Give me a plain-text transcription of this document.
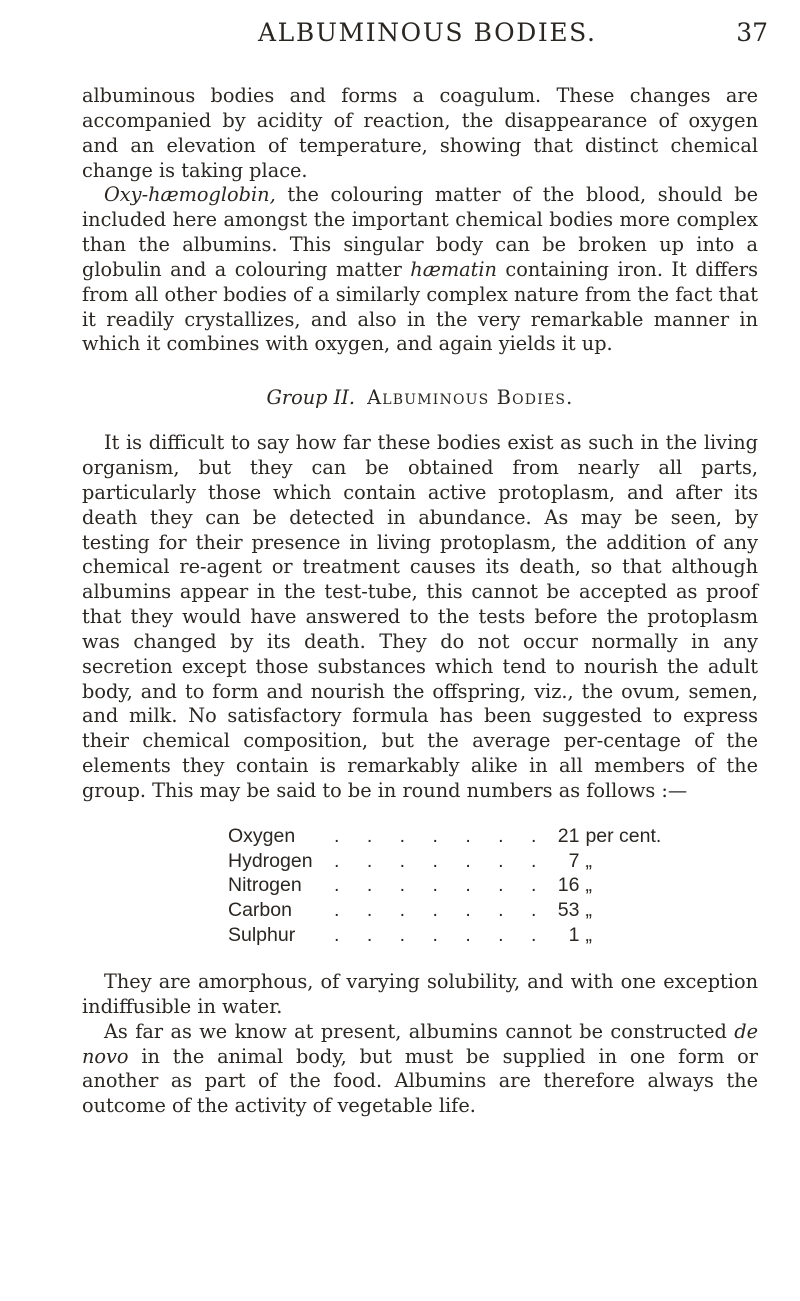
ALBUMINOUS BODIES.	37

albuminous bodies and forms a coagulum. These changes are accompanied by acidity of reaction, the disappearance of oxygen and an elevation of temperature, showing that distinct chemical change is taking place.

Oxy-hæmoglobin, the colouring matter of the blood, should be included here amongst the important chemical bodies more complex than the albumins. This singular body can be broken up into a globulin and a colouring matter hæmatin containing iron. It differs from all other bodies of a similarly complex nature from the fact that it readily crystallizes, and also in the very remarkable manner in which it combines with oxygen, and again yields it up.

Group II. Albuminous Bodies.

It is difficult to say how far these bodies exist as such in the living organism, but they can be obtained from nearly all parts, particularly those which contain active protoplasm, and after its death they can be detected in abundance. As may be seen, by testing for their presence in living protoplasm, the addition of any chemical re-agent or treatment causes its death, so that although albumins appear in the test-tube, this cannot be accepted as proof that they would have answered to the tests before the protoplasm was changed by its death. They do not occur normally in any secretion except those substances which tend to nourish the adult body, and to form and nourish the offspring, viz., the ovum, semen, and milk. No satisfactory formula has been suggested to express their chemical composition, but the average per-centage of the elements they contain is remarkably alike in all members of the group. This may be said to be in round numbers as follows :—

Oxygen	. . . . . . .	21	per cent.
Hydrogen	. . . . . . .	7	„
Nitrogen	. . . . . . .	16	„
Carbon	. . . . . . .	53	„
Sulphur	. . . . . . .	1	„

They are amorphous, of varying solubility, and with one exception indiffusible in water.

As far as we know at present, albumins cannot be constructed de novo in the animal body, but must be supplied in one form or another as part of the food. Albumins are therefore always the outcome of the activity of vegetable life.
